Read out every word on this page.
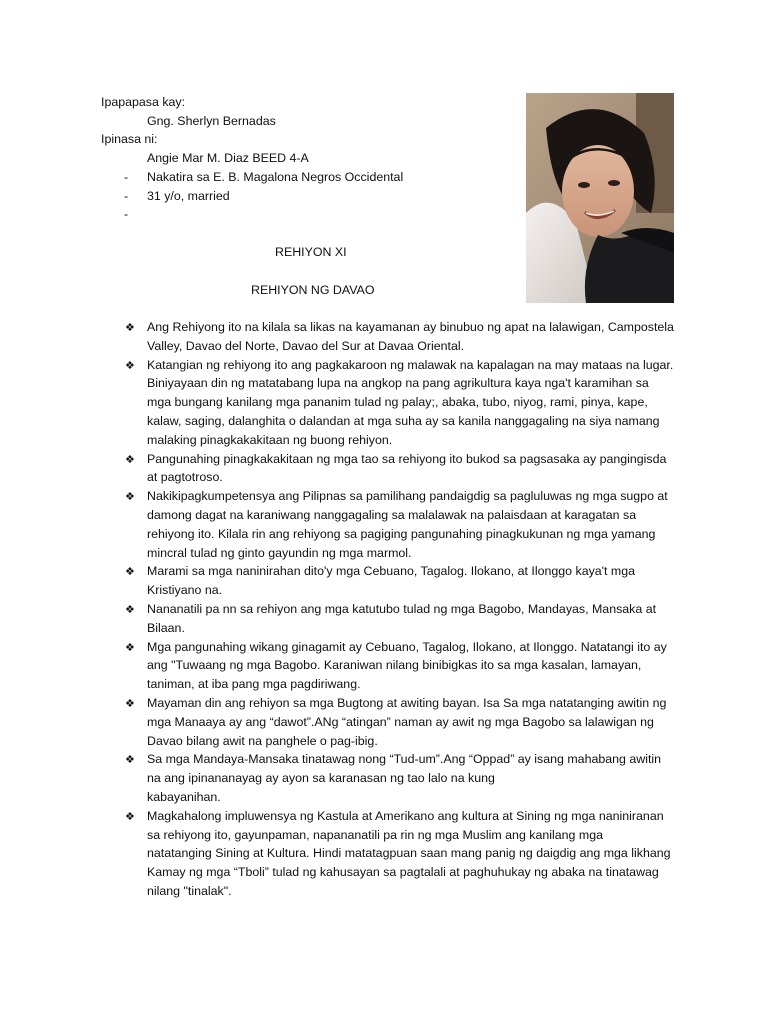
Ipapapasa kay:
Gng. Sherlyn Bernadas
Ipinasa ni:
Angie Mar M. Diaz BEED 4-A
- Nakatira sa E. B. Magalona Negros Occidental
- 31 y/o, married
-
REHIYON XI
REHIYON NG DAVAO
❖ Ang Rehiyong ito na kilala sa likas na kayamanan ay binubuo ng apat na lalawigan, Campostela
Valley, Davao del Norte, Davao del Sur at Davaa Oriental.
❖ Katangian ng rehiyong ito ang pagkakaroon ng malawak na kapalagan na may mataas na lugar.
Biniyayaan din ng matatabang lupa na angkop na pang agrikultura kaya nga't karamihan sa
mga bungang kanilang mga pananim tulad ng palay;, abaka, tubo, niyog, rami, pinya, kape,
kalaw, saging, dalanghita o dalandan at mga suha ay sa kanila nanggagaling na siya namang
malaking pinagkakakitaan ng buong rehiyon.
❖ Pangunahing pinagkakakitaan ng mga tao sa rehiyong ito bukod sa pagsasaka ay pangingisda
at pagtotroso.
❖ Nakikipagkumpetensya ang Pilipnas sa pamilihang pandaigdig sa pagluluwas ng mga sugpo at
damong dagat na karaniwang nanggagaling sa malalawak na palaisdaan at karagatan sa
rehiyong ito. Kilala rin ang rehiyong sa pagiging pangunahing pinagkukunan ng mga yamang
mincral tulad ng ginto gayundin ng mga marmol.
❖ Marami sa mga naninirahan dito'y mga Cebuano, Tagalog. Ilokano, at Ilonggo kaya't mga
Kristiyano na.
❖ Nananatili pa nn sa rehiyon ang mga katutubo tulad ng mga Bagobo, Mandayas, Mansaka at
Bilaan.
❖ Mga pangunahing wikang ginagamit ay Cebuano, Tagalog, Ilokano, at Ilonggo. Natatangi ito ay
ang "Tuwaang ng mga Bagobo. Karaniwan nilang binibigkas ito sa mga kasalan, lamayan,
taniman, at iba pang mga pagdiriwang.
❖ Mayaman din ang rehiyon sa mga Bugtong at awiting bayan. Isa Sa mga natatanging awitin ng
mga Manaaya ay ang “dawot”.ANg “atingan” naman ay awit ng mga Bagobo sa lalawigan ng
Davao bilang awit na panghele o pag-ibig.
❖ Sa mga Mandaya-Mansaka tinatawag nong “Tud-um”.Ang “Oppad” ay isang mahabang awitin
na ang ipinananayag ay ayon sa karanasan ng tao lalo na kung
kabayanihan.
❖ Magkahalong impluwensya ng Kastula at Amerikano ang kultura at Sining ng mga naniniranan
sa rehiyong ito, gayunpaman, napananatili pa rin ng mga Muslim ang kanilang mga
natatanging Sining at Kultura. Hindi matatagpuan saan mang panig ng daigdig ang mga likhang
Kamay ng mga “Tboli” tulad ng kahusayan sa pagtalali at paghuhukay ng abaka na tinatawag
nilang "tinalak".
